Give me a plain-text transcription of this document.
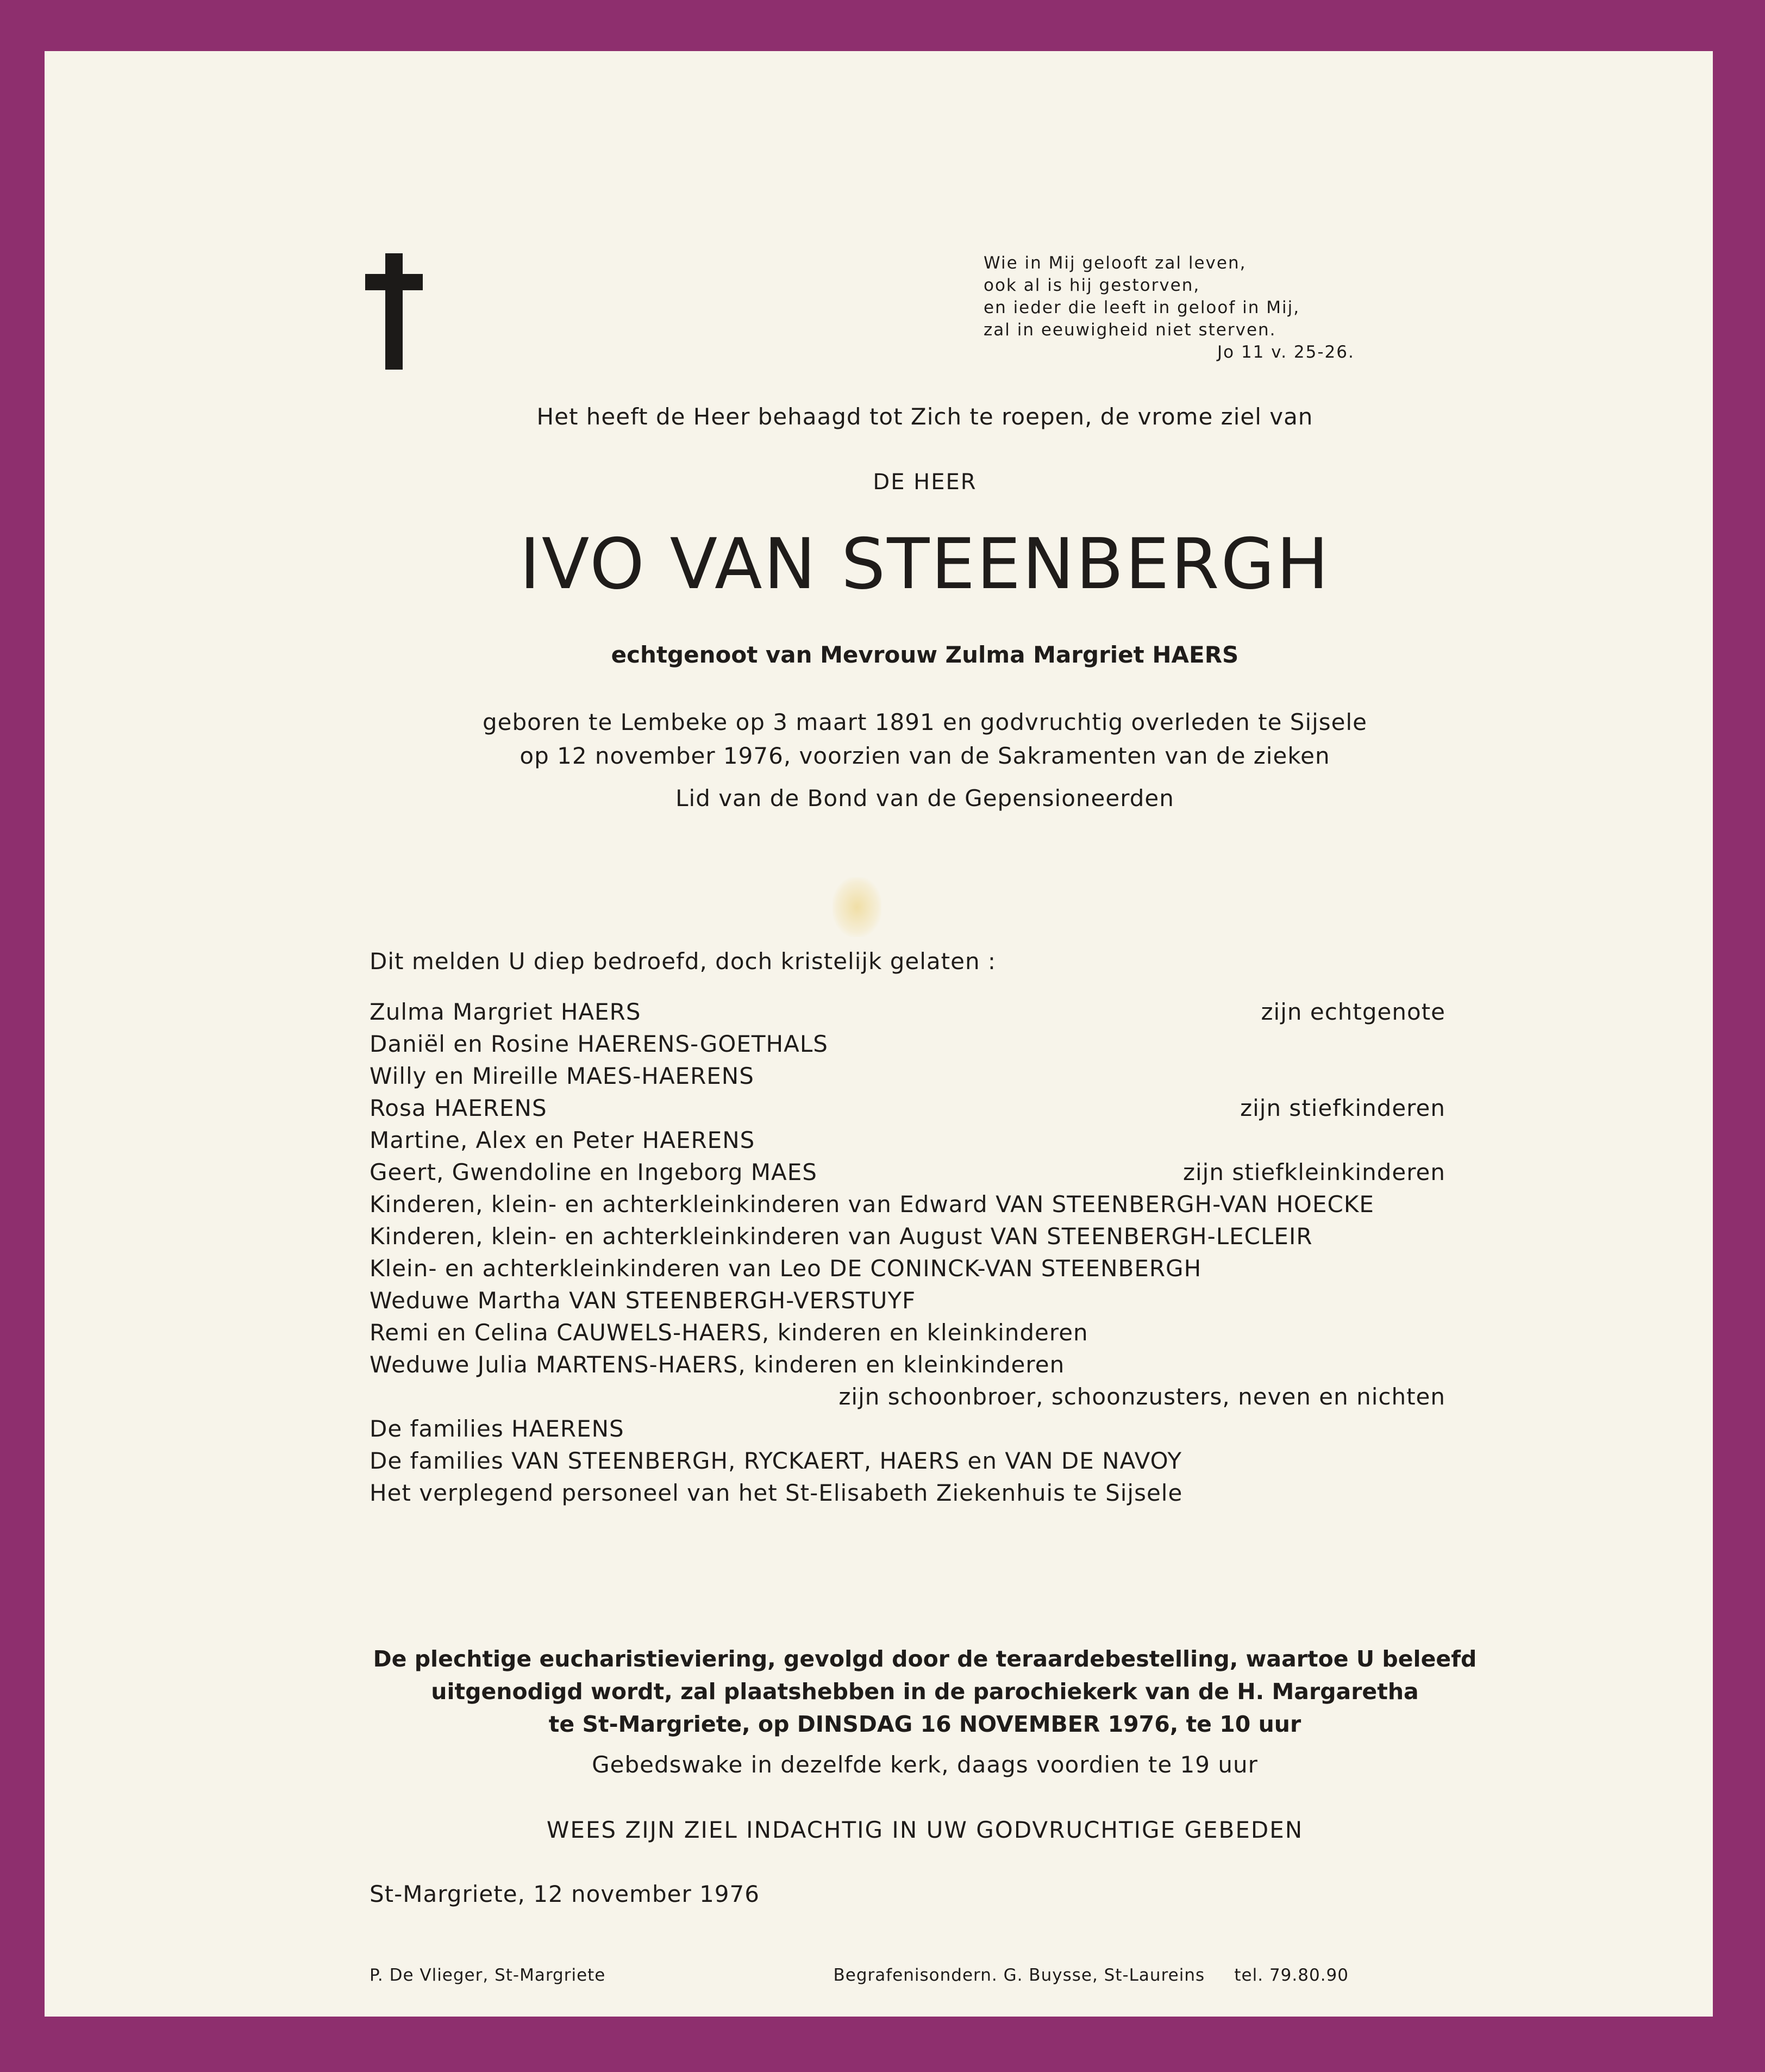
Wie in Mij gelooft zal leven,
ook al is hij gestorven,
en ieder die leeft in geloof in Mij,
zal in eeuwigheid niet sterven.
Jo 11 v. 25-26.
Het heeft de Heer behaagd tot Zich te roepen, de vrome ziel van
DE HEER
IVO VAN STEENBERGH
echtgenoot van Mevrouw Zulma Margriet HAERS
geboren te Lembeke op 3 maart 1891 en godvruchtig overleden te Sijsele
op 12 november 1976, voorzien van de Sakramenten van de zieken
Lid van de Bond van de Gepensioneerden
Dit melden U diep bedroefd, doch kristelijk gelaten :
Zulma Margriet HAERS	zijn echtgenote
Daniël en Rosine HAERENS-GOETHALS
Willy en Mireille MAES-HAERENS
Rosa HAERENS	zijn stiefkinderen
Martine, Alex en Peter HAERENS
Geert, Gwendoline en Ingeborg MAES	zijn stiefkleinkinderen
Kinderen, klein- en achterkleinkinderen van Edward VAN STEENBERGH-VAN HOECKE
Kinderen, klein- en achterkleinkinderen van August VAN STEENBERGH-LECLEIR
Klein- en achterkleinkinderen van Leo DE CONINCK-VAN STEENBERGH
Weduwe Martha VAN STEENBERGH-VERSTUYF
Remi en Celina CAUWELS-HAERS, kinderen en kleinkinderen
Weduwe Julia MARTENS-HAERS, kinderen en kleinkinderen
zijn schoonbroer, schoonzusters, neven en nichten
De families HAERENS
De families VAN STEENBERGH, RYCKAERT, HAERS en VAN DE NAVOY
Het verplegend personeel van het St-Elisabeth Ziekenhuis te Sijsele
De plechtige eucharistieviering, gevolgd door de teraardebestelling, waartoe U beleefd
uitgenodigd wordt, zal plaatshebben in de parochiekerk van de H. Margaretha
te St-Margriete, op DINSDAG 16 NOVEMBER 1976, te 10 uur
Gebedswake in dezelfde kerk, daags voordien te 19 uur
WEES ZIJN ZIEL INDACHTIG IN UW GODVRUCHTIGE GEBEDEN
St-Margriete, 12 november 1976
P. De Vlieger, St-Margriete	Begrafenisondern. G. Buysse, St-Laureins     tel. 79.80.90
